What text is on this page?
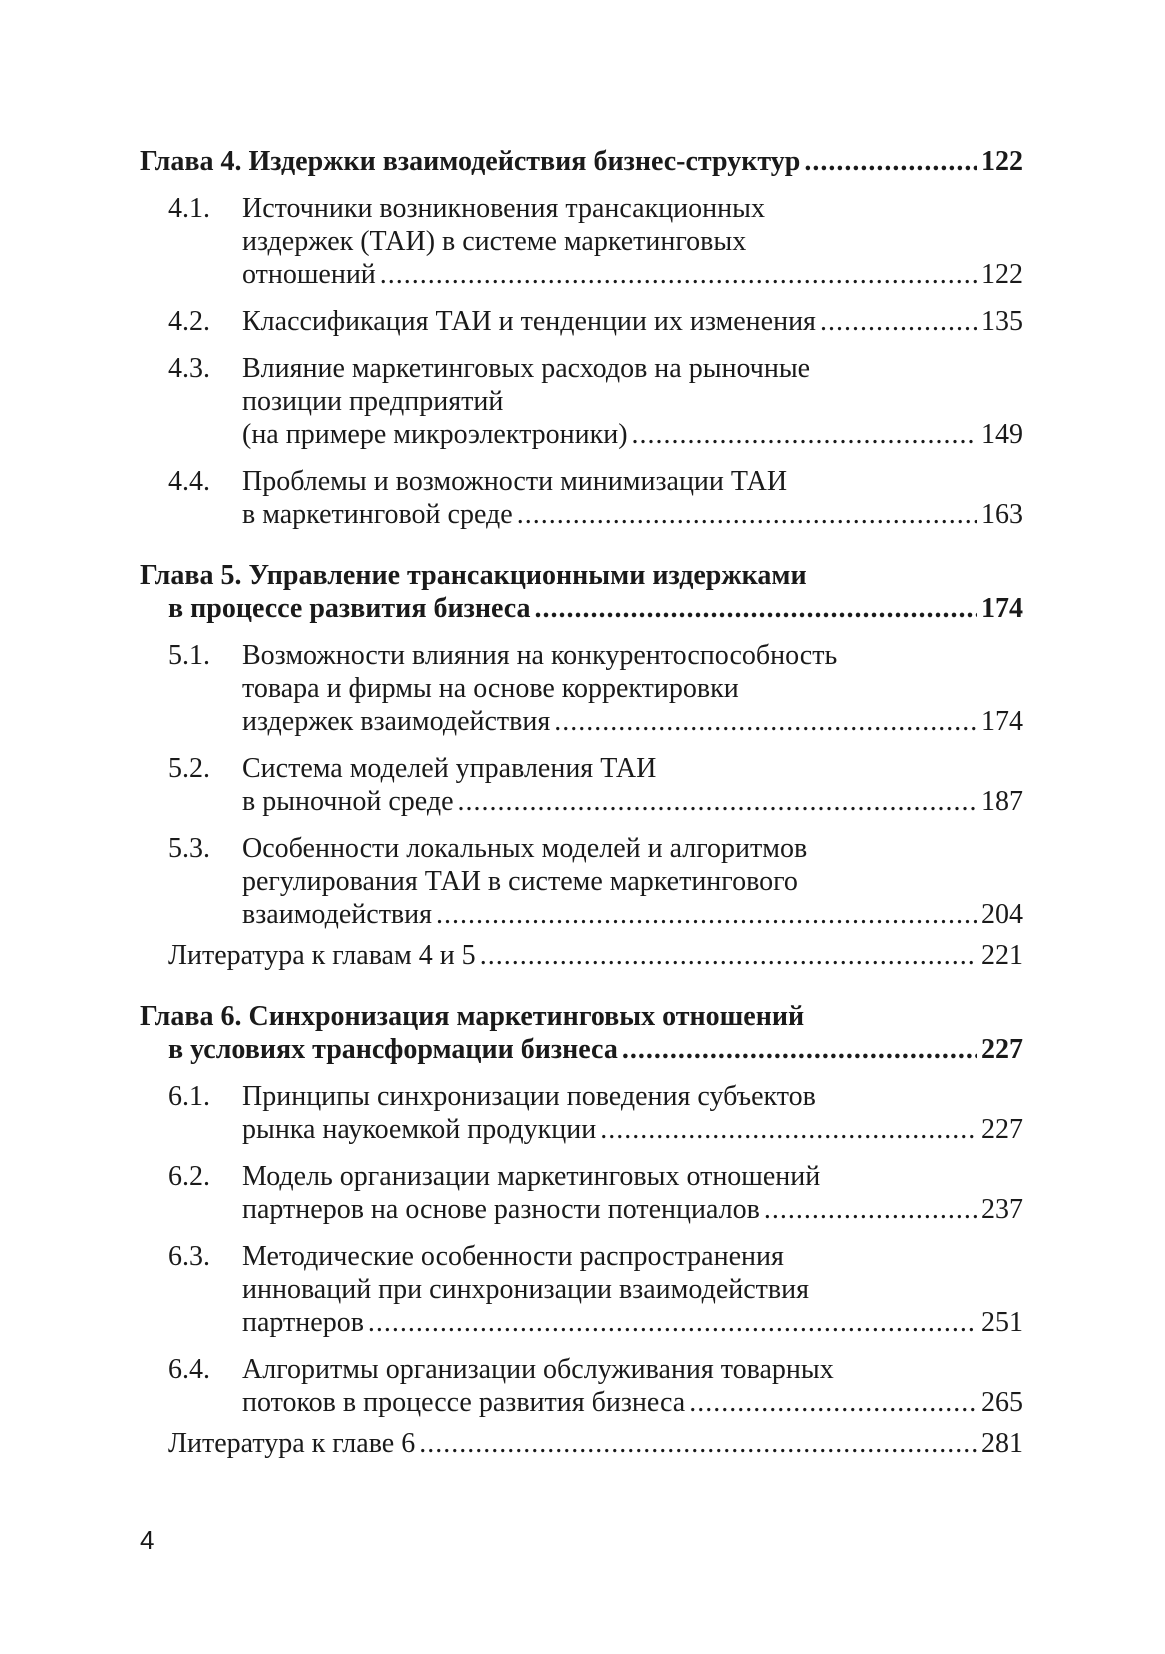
Глава 4. Издержки взаимодействия бизнес-структур .....	122
4.1. Источники возникновения трансакционных
издержек (ТАИ) в системе маркетинговых
отношений .....	122
4.2. Классификация ТАИ и тенденции их изменения .....	135
4.3. Влияние маркетинговых расходов на рыночные
позиции предприятий
(на примере микроэлектроники) .....	149
4.4. Проблемы и возможности минимизации ТАИ
в маркетинговой среде .....	163
Глава 5. Управление трансакционными издержками
в процессе развития бизнеса .....	174
5.1. Возможности влияния на конкурентоспособность
товара и фирмы на основе корректировки
издержек взаимодействия .....	174
5.2. Система моделей управления ТАИ
в рыночной среде .....	187
5.3. Особенности локальных моделей и алгоритмов
регулирования ТАИ в системе маркетингового
взаимодействия .....	204
Литература к главам 4 и 5 .....	221
Глава 6. Синхронизация маркетинговых отношений
в условиях трансформации бизнеса .....	227
6.1. Принципы синхронизации поведения субъектов
рынка наукоемкой продукции .....	227
6.2. Модель организации маркетинговых отношений
партнеров на основе разности потенциалов .....	237
6.3. Методические особенности распространения
инноваций при синхронизации взаимодействия
партнеров .....	251
6.4. Алгоритмы организации обслуживания товарных
потоков в процессе развития бизнеса .....	265
Литература к главе 6 .....	281
4
